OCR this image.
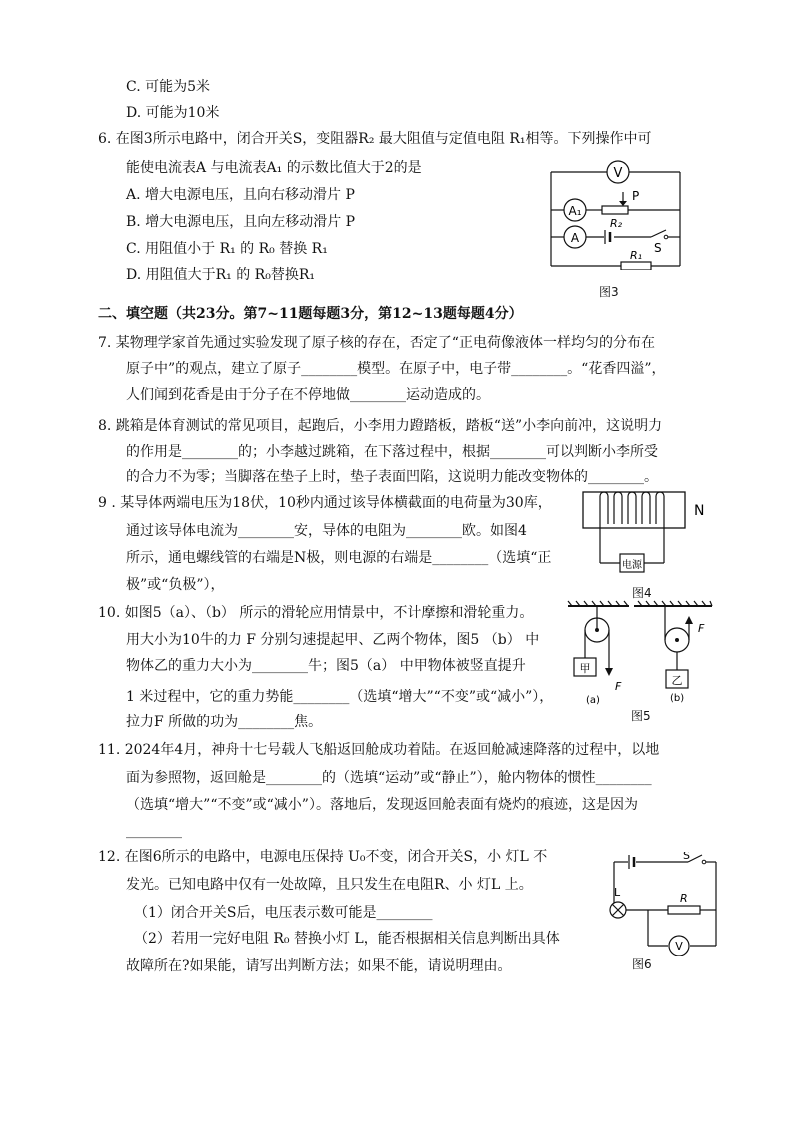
C. 可能为5米
D. 可能为10米
6. 在图3所示电路中，闭合开关S，变阻器R₂ 最大阻值与定值电阻 R₁相等。下列操作中可
能使电流表A 与电流表A₁ 的示数比值大于2的是
A. 增大电源电压，且向右移动滑片 P
B. 增大电源电压，且向左移动滑片 P
C. 用阻值小于 R₁ 的 R₀ 替换 R₁
D. 用阻值大于R₁ 的 R₀替换R₁
V
A₁
A
P
R₂
S
R₁
图3
二、填空题（共23分。第7~11题每题3分，第12~13题每题4分）
7. 某物理学家首先通过实验发现了原子核的存在，否定了“正电荷像液体一样均匀的分布在
原子中”的观点，建立了原子________模型。在原子中，电子带________。“花香四溢”，
人们闻到花香是由于分子在不停地做________运动造成的。
8. 跳箱是体育测试的常见项目，起跑后，小李用力蹬踏板，踏板“送”小李向前冲，这说明力
的作用是________的；小李越过跳箱，在下落过程中，根据________可以判断小李所受
的合力不为零；当脚落在垫子上时，垫子表面凹陷，这说明力能改变物体的________。
9 . 某导体两端电压为18伏，10秒内通过该导体横截面的电荷量为30库，
通过该导体电流为________安，导体的电阻为________欧。如图4
所示，通电螺线管的右端是N极，则电源的右端是________（选填“正
极”或“负极”），
N
电源
图4
10. 如图5（a）、（b） 所示的滑轮应用情景中，不计摩擦和滑轮重力。
用大小为10牛的力 F 分别匀速提起甲、乙两个物体，图5 （b） 中
物体乙的重力大小为________牛；图5（a） 中甲物体被竖直提升
1 米过程中，它的重力势能________（选填“增大”“不变”或“减小”），
拉力F 所做的功为________焦。
甲
F
(a)
F
乙
(b)
图5
11. 2024年4月，神舟十七号载人飞船返回舱成功着陆。在返回舱减速降落的过程中，以地
面为参照物，返回舱是________的（选填“运动”或“静止”），舱内物体的惯性________
（选填“增大”“不变”或“减小”）。落地后，发现返回舱表面有烧灼的痕迹，这是因为
________
12. 在图6所示的电路中，电源电压保持 U₀不变，闭合开关S，小 灯L 不
发光。已知电路中仅有一处故障，且只发生在电阻R、小 灯L 上。
（1）闭合开关S后，电压表示数可能是________
（2）若用一完好电阻 R₀ 替换小灯 L，能否根据相关信息判断出具体
故障所在?如果能，请写出判断方法；如果不能，请说明理由。
S
L	R
V
图6
